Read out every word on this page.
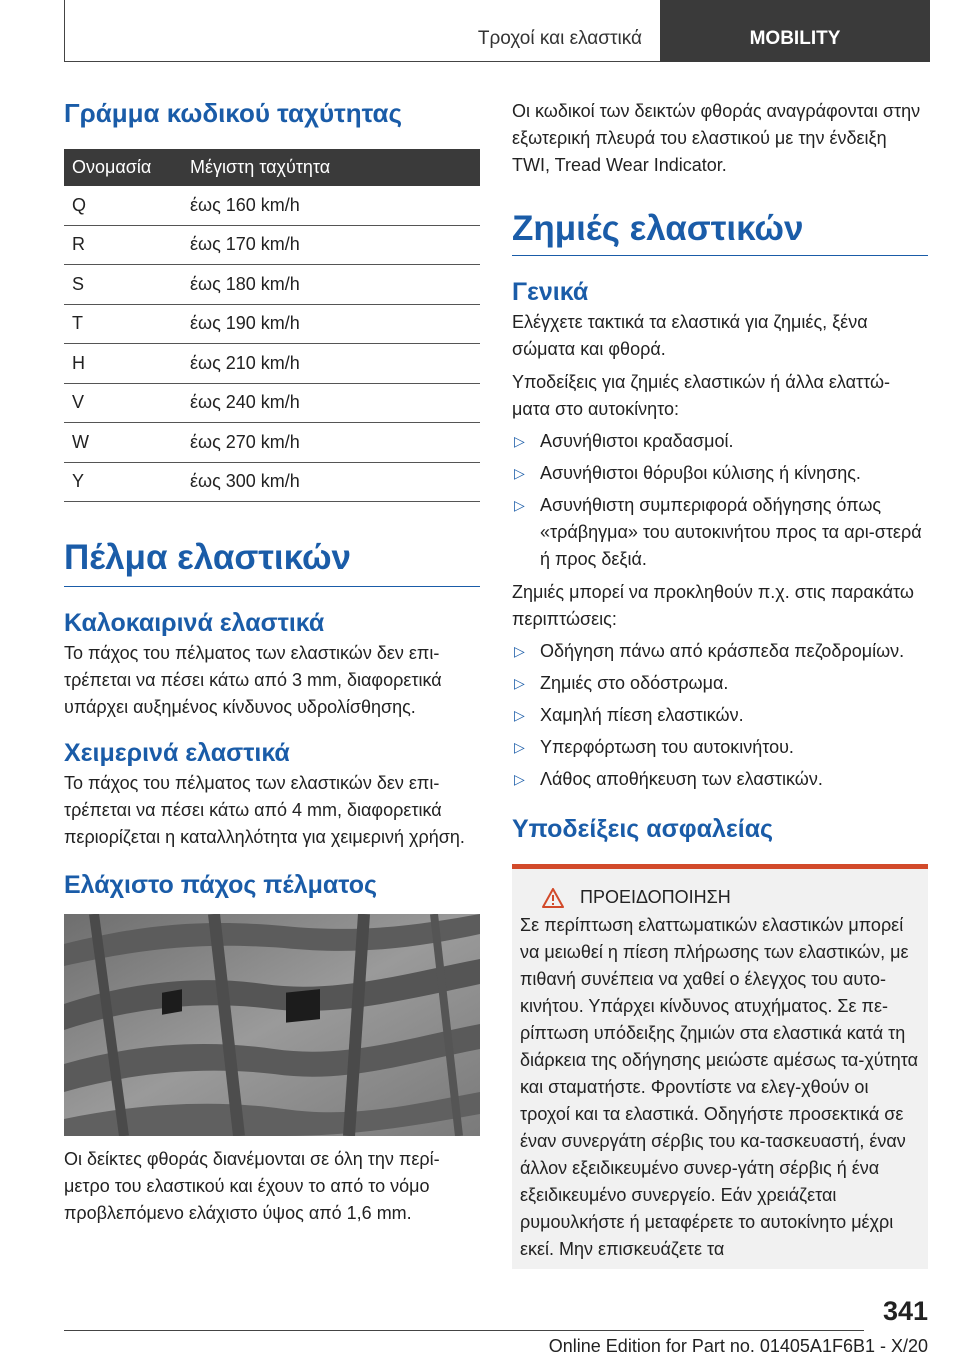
Τροχοί και ελαστικά	MOBILITY
Γράμμα κωδικού ταχύτητας
Ονομασία	Μέγιστη ταχύτητα
Q	έως 160 km/h
R	έως 170 km/h
S	έως 180 km/h
T	έως 190 km/h
H	έως 210 km/h
V	έως 240 km/h
W	έως 270 km/h
Y	έως 300 km/h
Πέλμα ελαστικών
Καλοκαιρινά ελαστικά

Το πάχος του πέλματος των ελαστικών δεν επι-τρέπεται να πέσει κάτω από 3 mm, διαφορετικά υπάρχει αυξημένος κίνδυνος υδρολίσθησης.

Χειμερινά ελαστικά

Το πάχος του πέλματος των ελαστικών δεν επι-τρέπεται να πέσει κάτω από 4 mm, διαφορετικά περιορίζεται η καταλληλότητα για χειμερινή χρήση.

Ελάχιστο πάχος πέλματος

Οι δείκτες φθοράς διανέμονται σε όλη την περί-μετρο του ελαστικού και έχουν το από το νόμο προβλεπόμενο ελάχιστο ύψος από 1,6 mm.

Οι κωδικοί των δεικτών φθοράς αναγράφονται στην εξωτερική πλευρά του ελαστικού με την ένδειξη TWI, Tread Wear Indicator.

Ζημιές ελαστικών
Γενικά

Ελέγχετε τακτικά τα ελαστικά για ζημιές, ξένα σώματα και φθορά.

Υποδείξεις για ζημιές ελαστικών ή άλλα ελαττώ-ματα στο αυτοκίνητο:

▷ Ασυνήθιστοι κραδασμοί.
▷ Ασυνήθιστοι θόρυβοι κύλισης ή κίνησης.
▷ Ασυνήθιστη συμπεριφορά οδήγησης όπως «τράβηγμα» του αυτοκινήτου προς τα αρι-στερά ή προς δεξιά.

Ζημιές μπορεί να προκληθούν π.χ. στις παρακάτω περιπτώσεις:

▷ Οδήγηση πάνω από κράσπεδα πεζοδρομίων.
▷ Ζημιές στο οδόστρωμα.
▷ Χαμηλή πίεση ελαστικών.
▷ Υπερφόρτωση του αυτοκινήτου.
▷ Λάθος αποθήκευση των ελαστικών.
Υποδείξεις ασφαλείας
ΠΡΟΕΙΔΟΠΟΙΗΣΗ

Σε περίπτωση ελαττωματικών ελαστικών μπορεί να μειωθεί η πίεση πλήρωσης των ελαστικών, με πιθανή συνέπεια να χαθεί ο έλεγχος του αυτο-κινήτου. Υπάρχει κίνδυνος ατυχήματος. Σε πε-ρίπτωση υπόδειξης ζημιών στα ελαστικά κατά τη διάρκεια της οδήγησης μειώστε αμέσως τα-χύτητα και σταματήστε. Φροντίστε να ελεγ-χθούν οι τροχοί και τα ελαστικά. Οδηγήστε προσεκτικά σε έναν συνεργάτη σέρβις του κα-τασκευαστή, έναν άλλον εξειδικευμένο συνερ-γάτη σέρβις ή ένα εξειδικευμένο συνεργείο. Εάν χρειάζεται ρυμουλκήστε ή μεταφέρετε το αυτοκίνητο μέχρι εκεί. Μην επισκευάζετε τα

341
Online Edition for Part no. 01405A1F6B1 - X/20
